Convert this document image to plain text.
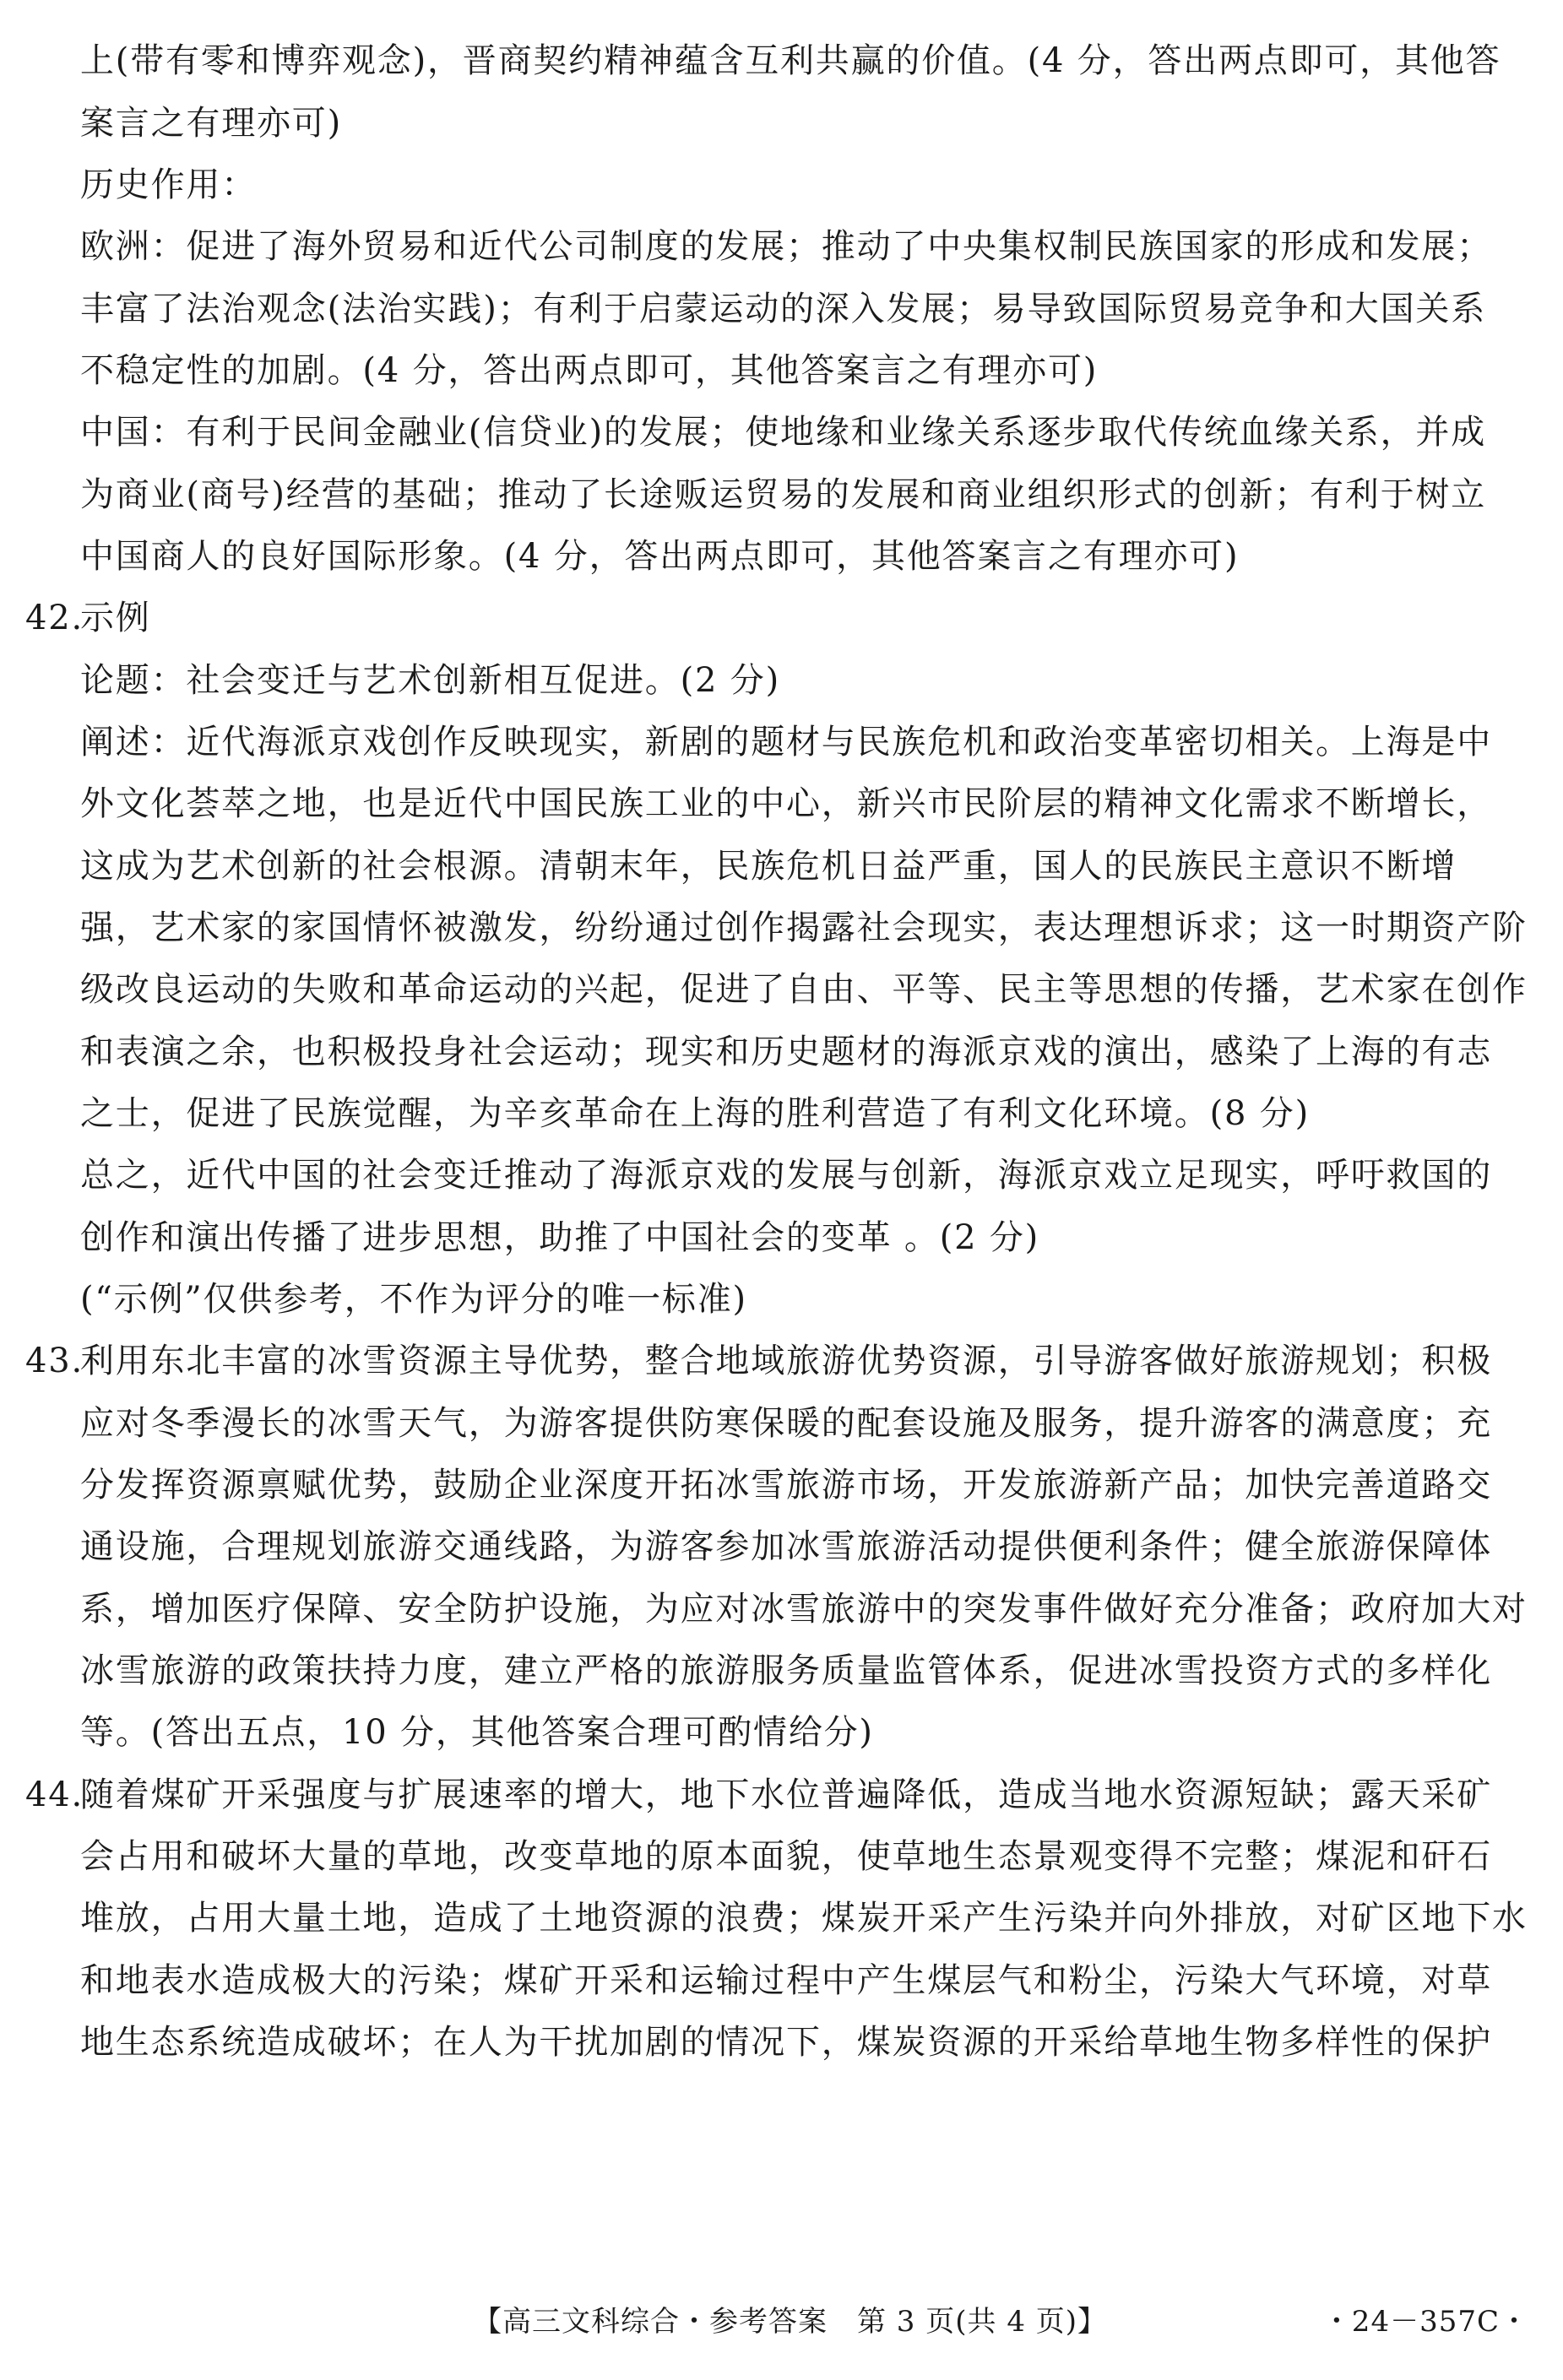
上(带有零和博弈观念)，晋商契约精神蕴含互利共赢的价值。(4 分，答出两点即可，其他答
案言之有理亦可)
历史作用：
欧洲：促进了海外贸易和近代公司制度的发展；推动了中央集权制民族国家的形成和发展；
丰富了法治观念(法治实践)；有利于启蒙运动的深入发展；易导致国际贸易竞争和大国关系
不稳定性的加剧。(4 分，答出两点即可，其他答案言之有理亦可)
中国：有利于民间金融业(信贷业)的发展；使地缘和业缘关系逐步取代传统血缘关系，并成
为商业(商号)经营的基础；推动了长途贩运贸易的发展和商业组织形式的创新；有利于树立
中国商人的良好国际形象。(4 分，答出两点即可，其他答案言之有理亦可)
42.
示例
论题：社会变迁与艺术创新相互促进。(2 分)
阐述：近代海派京戏创作反映现实，新剧的题材与民族危机和政治变革密切相关。上海是中
外文化荟萃之地，也是近代中国民族工业的中心，新兴市民阶层的精神文化需求不断增长，
这成为艺术创新的社会根源。清朝末年，民族危机日益严重，国人的民族民主意识不断增
强，艺术家的家国情怀被激发，纷纷通过创作揭露社会现实，表达理想诉求；这一时期资产阶
级改良运动的失败和革命运动的兴起，促进了自由、平等、民主等思想的传播，艺术家在创作
和表演之余，也积极投身社会运动；现实和历史题材的海派京戏的演出，感染了上海的有志
之士，促进了民族觉醒，为辛亥革命在上海的胜利营造了有利文化环境。(8 分)
总之，近代中国的社会变迁推动了海派京戏的发展与创新，海派京戏立足现实，呼吁救国的
创作和演出传播了进步思想，助推了中国社会的变革 。(2 分)
(“示例”仅供参考，不作为评分的唯一标准)
43.
利用东北丰富的冰雪资源主导优势，整合地域旅游优势资源，引导游客做好旅游规划；积极
应对冬季漫长的冰雪天气，为游客提供防寒保暖的配套设施及服务，提升游客的满意度；充
分发挥资源禀赋优势，鼓励企业深度开拓冰雪旅游市场，开发旅游新产品；加快完善道路交
通设施，合理规划旅游交通线路，为游客参加冰雪旅游活动提供便利条件；健全旅游保障体
系，增加医疗保障、安全防护设施，为应对冰雪旅游中的突发事件做好充分准备；政府加大对
冰雪旅游的政策扶持力度，建立严格的旅游服务质量监管体系，促进冰雪投资方式的多样化
等。(答出五点，10 分，其他答案合理可酌情给分)
44.
随着煤矿开采强度与扩展速率的增大，地下水位普遍降低，造成当地水资源短缺；露天采矿
会占用和破坏大量的草地，改变草地的原本面貌，使草地生态景观变得不完整；煤泥和矸石
堆放，占用大量土地，造成了土地资源的浪费；煤炭开采产生污染并向外排放，对矿区地下水
和地表水造成极大的污染；煤矿开采和运输过程中产生煤层气和粉尘，污染大气环境，对草
地生态系统造成破坏；在人为干扰加剧的情况下，煤炭资源的开采给草地生物多样性的保护
【高三文科综合・参考答案　第 3 页(共 4 页)】	・24－357C・
